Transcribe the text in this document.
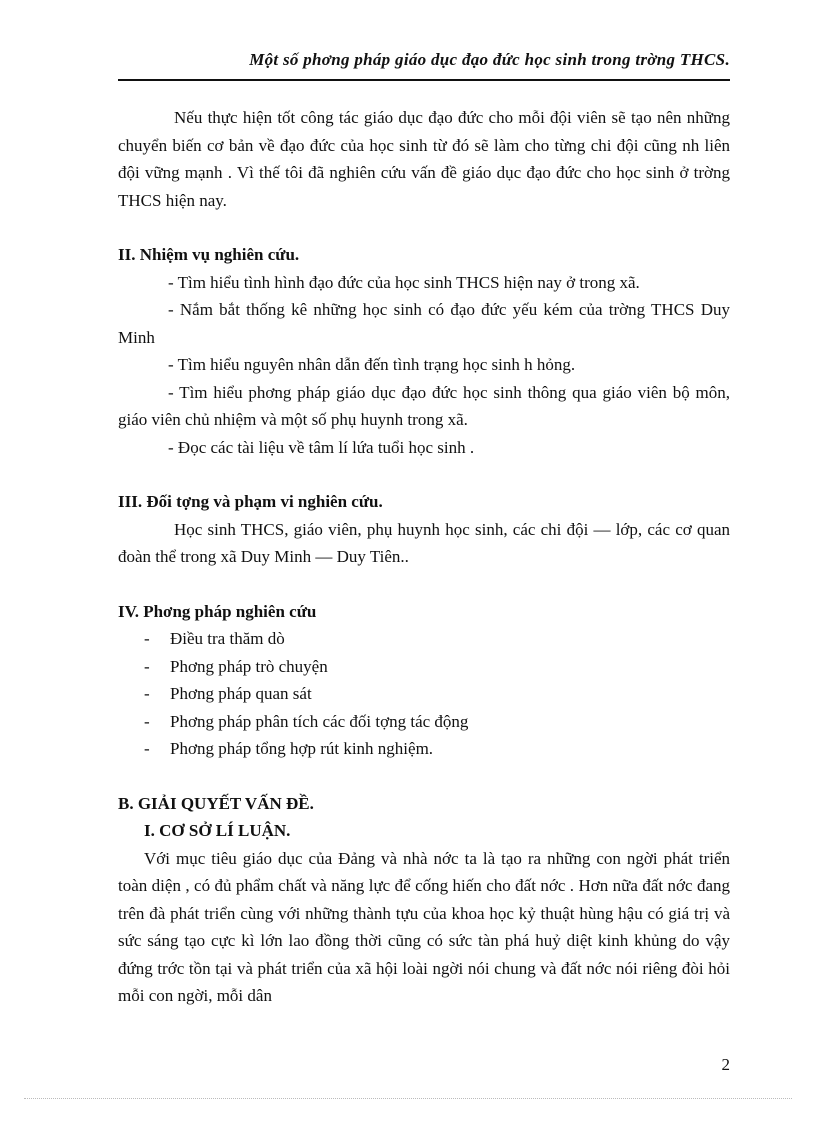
Một số phơng pháp giáo dục đạo đức học sinh trong trờng THCS.

Nếu thực hiện tốt công tác giáo dục đạo đức cho mỗi đội viên sẽ tạo nên những chuyển biến cơ bản về đạo đức của học sinh từ đó sẽ làm cho từng chi đội cũng nh liên đội vững mạnh . Vì thế tôi đã nghiên cứu vấn đề giáo dục đạo đức cho học sinh ở trờng THCS hiện nay.

II. Nhiệm vụ nghiên cứu.

- Tìm hiểu tình hình đạo đức của học sinh THCS hiện nay ở trong xã.

- Nắm bắt thống kê những học sinh có đạo đức yếu kém của trờng THCS Duy Minh

- Tìm hiểu nguyên nhân dẫn đến tình trạng học sinh h hỏng.

- Tìm hiểu phơng pháp giáo dục đạo đức học sinh thông qua giáo viên bộ môn, giáo viên chủ nhiệm và một số phụ huynh trong xã.

- Đọc các tài liệu về tâm lí lứa tuổi học sinh .

III. Đối tợng và phạm vi nghiên cứu.

Học sinh THCS, giáo viên, phụ huynh học sinh, các chi đội — lớp, các cơ quan đoàn thể trong xã Duy Minh — Duy Tiên..

IV. Phơng pháp nghiên cứu

- Điều tra thăm dò
- Phơng pháp trò chuyện
- Phơng pháp quan sát
- Phơng pháp phân tích các đối tợng tác động
- Phơng pháp tổng hợp rút kinh nghiệm.

B. GIẢI QUYẾT VẤN ĐỀ.

I. CƠ SỞ LÍ LUẬN.

Với mục tiêu giáo dục của Đảng và nhà nớc ta là tạo ra những con ngời phát triển toàn diện , có đủ phẩm chất và năng lực để cống hiến cho đất nớc . Hơn nữa đất nớc đang trên đà phát triển cùng với những thành tựu của khoa học kỷ thuật hùng hậu có giá trị và sức sáng tạo cực kì lớn lao đồng thời cũng có sức tàn phá huỷ diệt kinh khủng do vậy đứng trớc tồn tại và phát triển của xã hội loài ngời nói chung và đất nớc nói riêng đòi hỏi mỗi con ngời, mỗi dân

2
